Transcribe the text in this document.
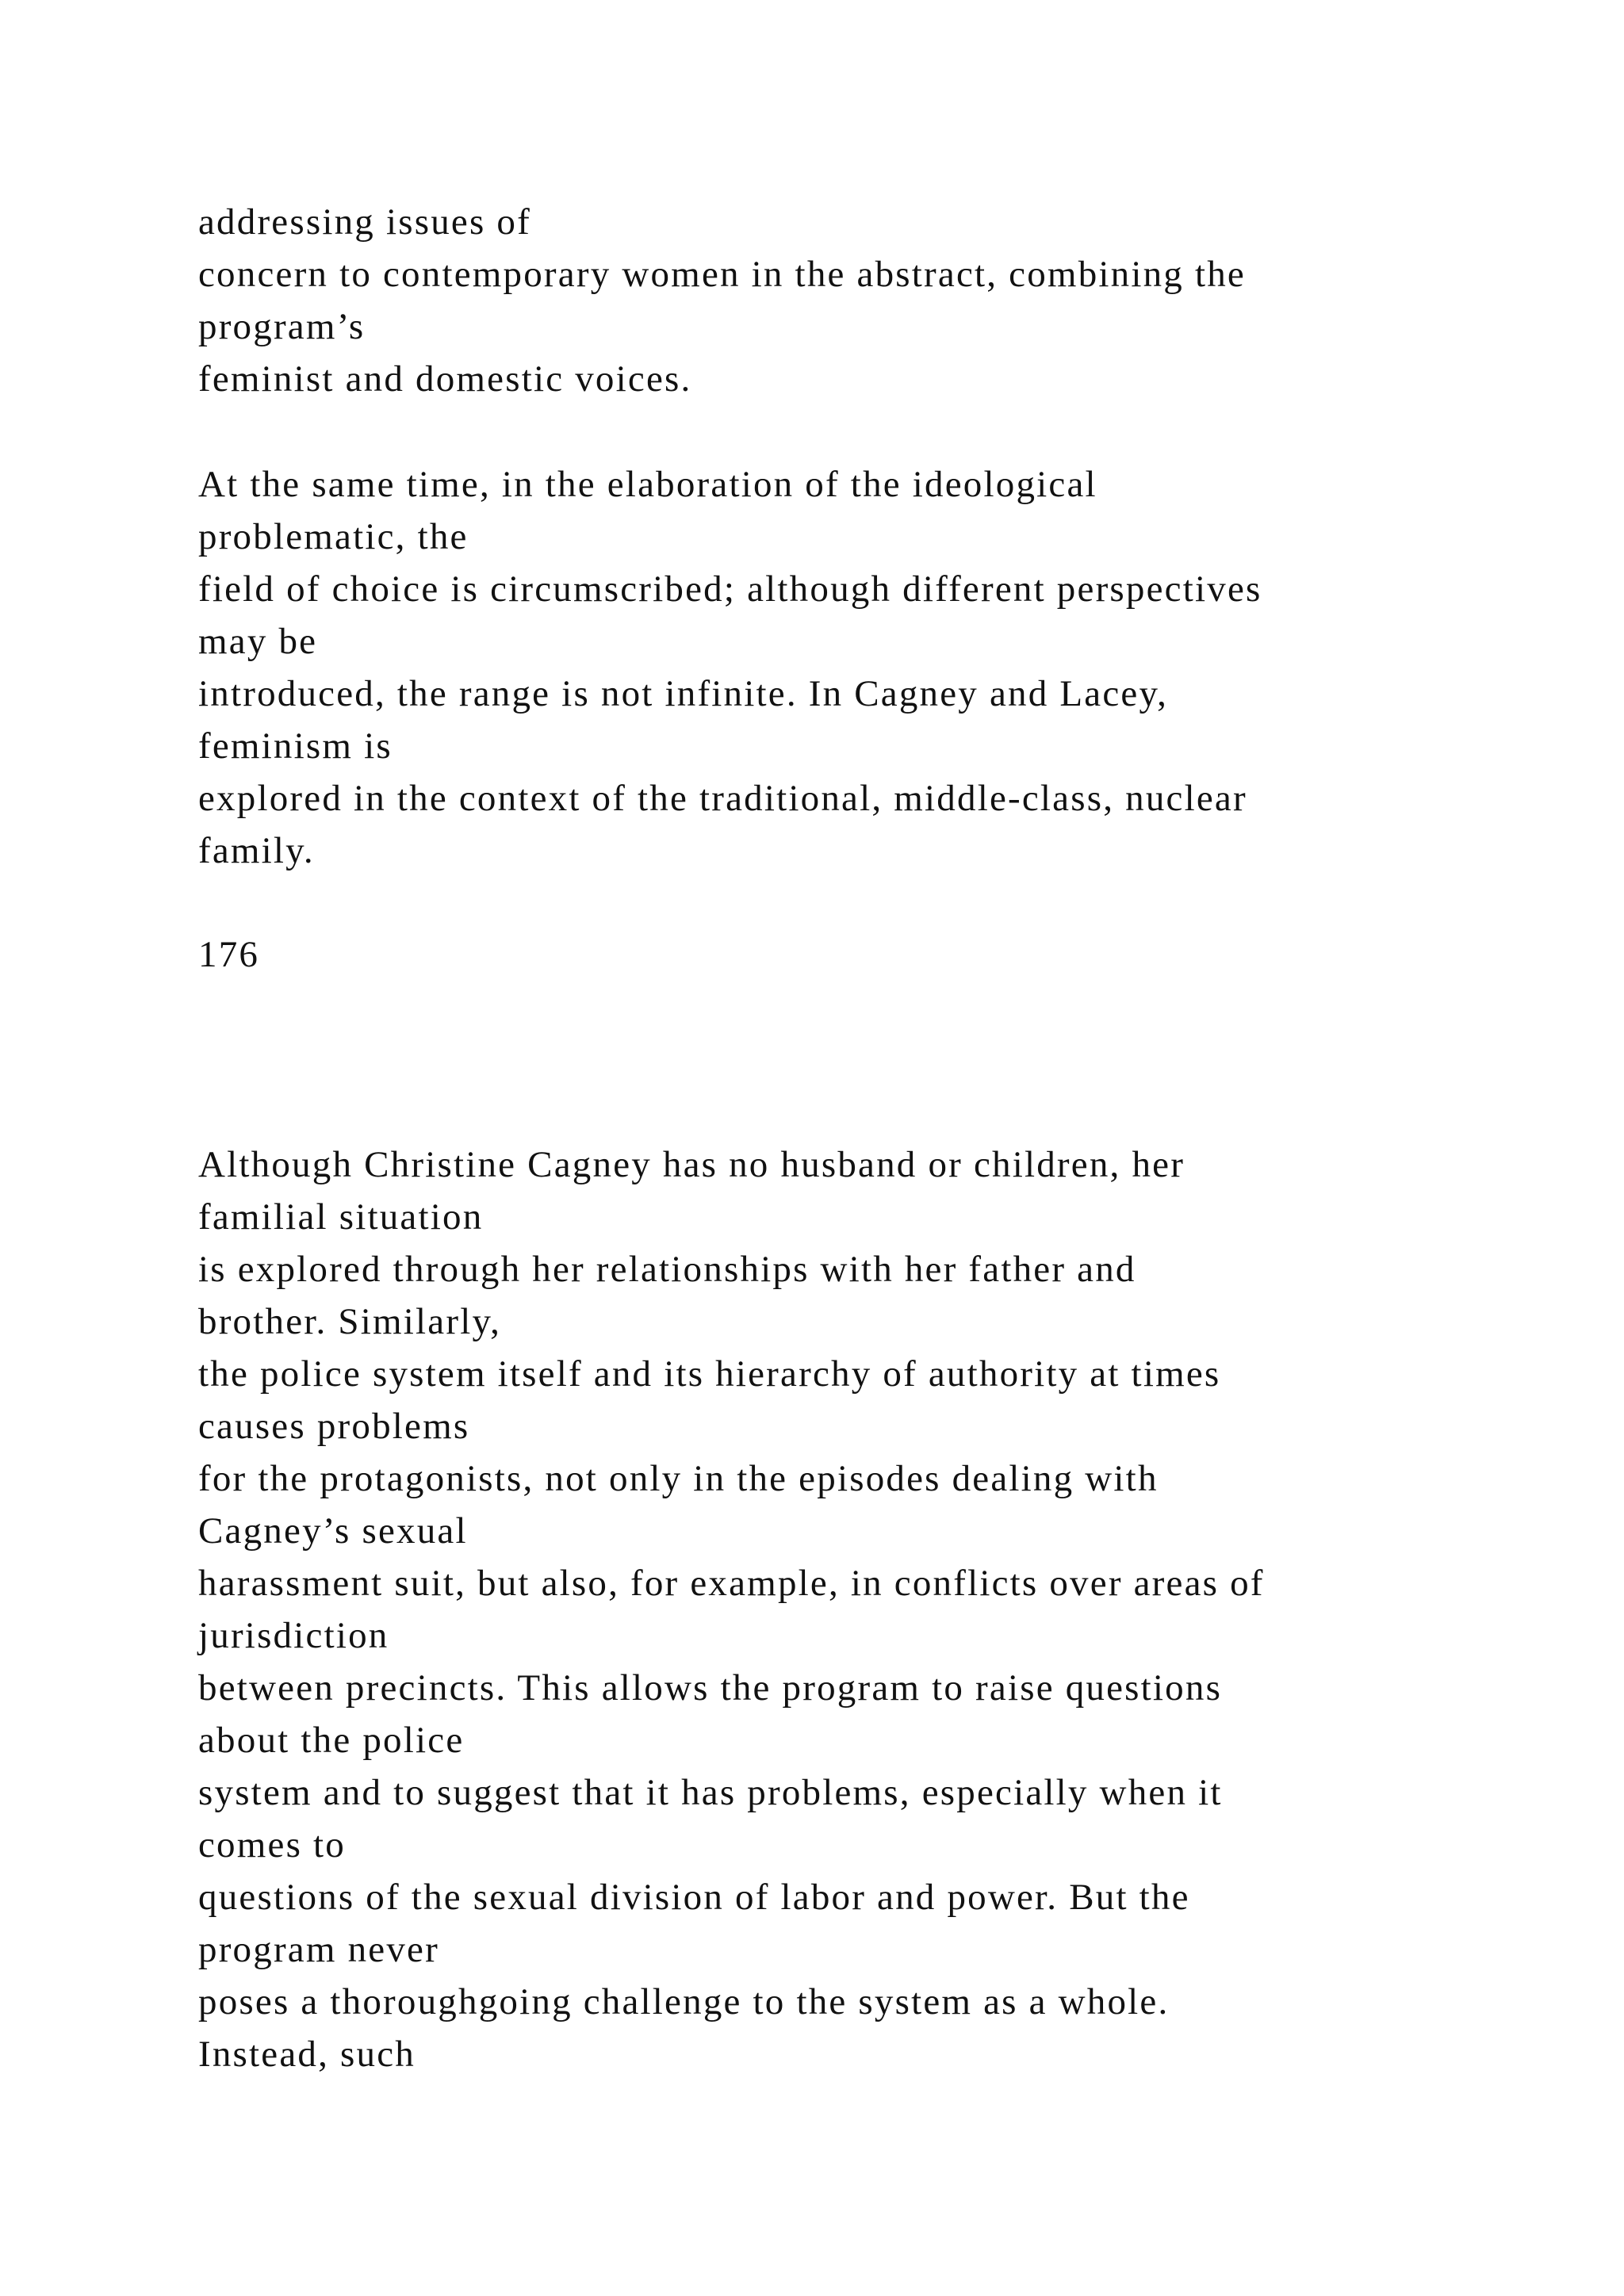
addressing issues of

concern to contemporary women in the abstract, combining the

program’s

feminist and domestic voices.

At the same time, in the elaboration of the ideological

problematic, the

field of choice is circumscribed; although different perspectives

may be

introduced, the range is not infinite. In Cagney and Lacey,

feminism is

explored in the context of the traditional, middle-class, nuclear

family.

176

Although Christine Cagney has no husband or children, her

familial situation

is explored through her relationships with her father and

brother. Similarly,

the police system itself and its hierarchy of authority at times

causes problems

for the protagonists, not only in the episodes dealing with

Cagney’s sexual

harassment suit, but also, for example, in conflicts over areas of

jurisdiction

between precincts. This allows the program to raise questions

about the police

system and to suggest that it has problems, especially when it

comes to

questions of the sexual division of labor and power. But the

program never

poses a thoroughgoing challenge to the system as a whole.

Instead, such
